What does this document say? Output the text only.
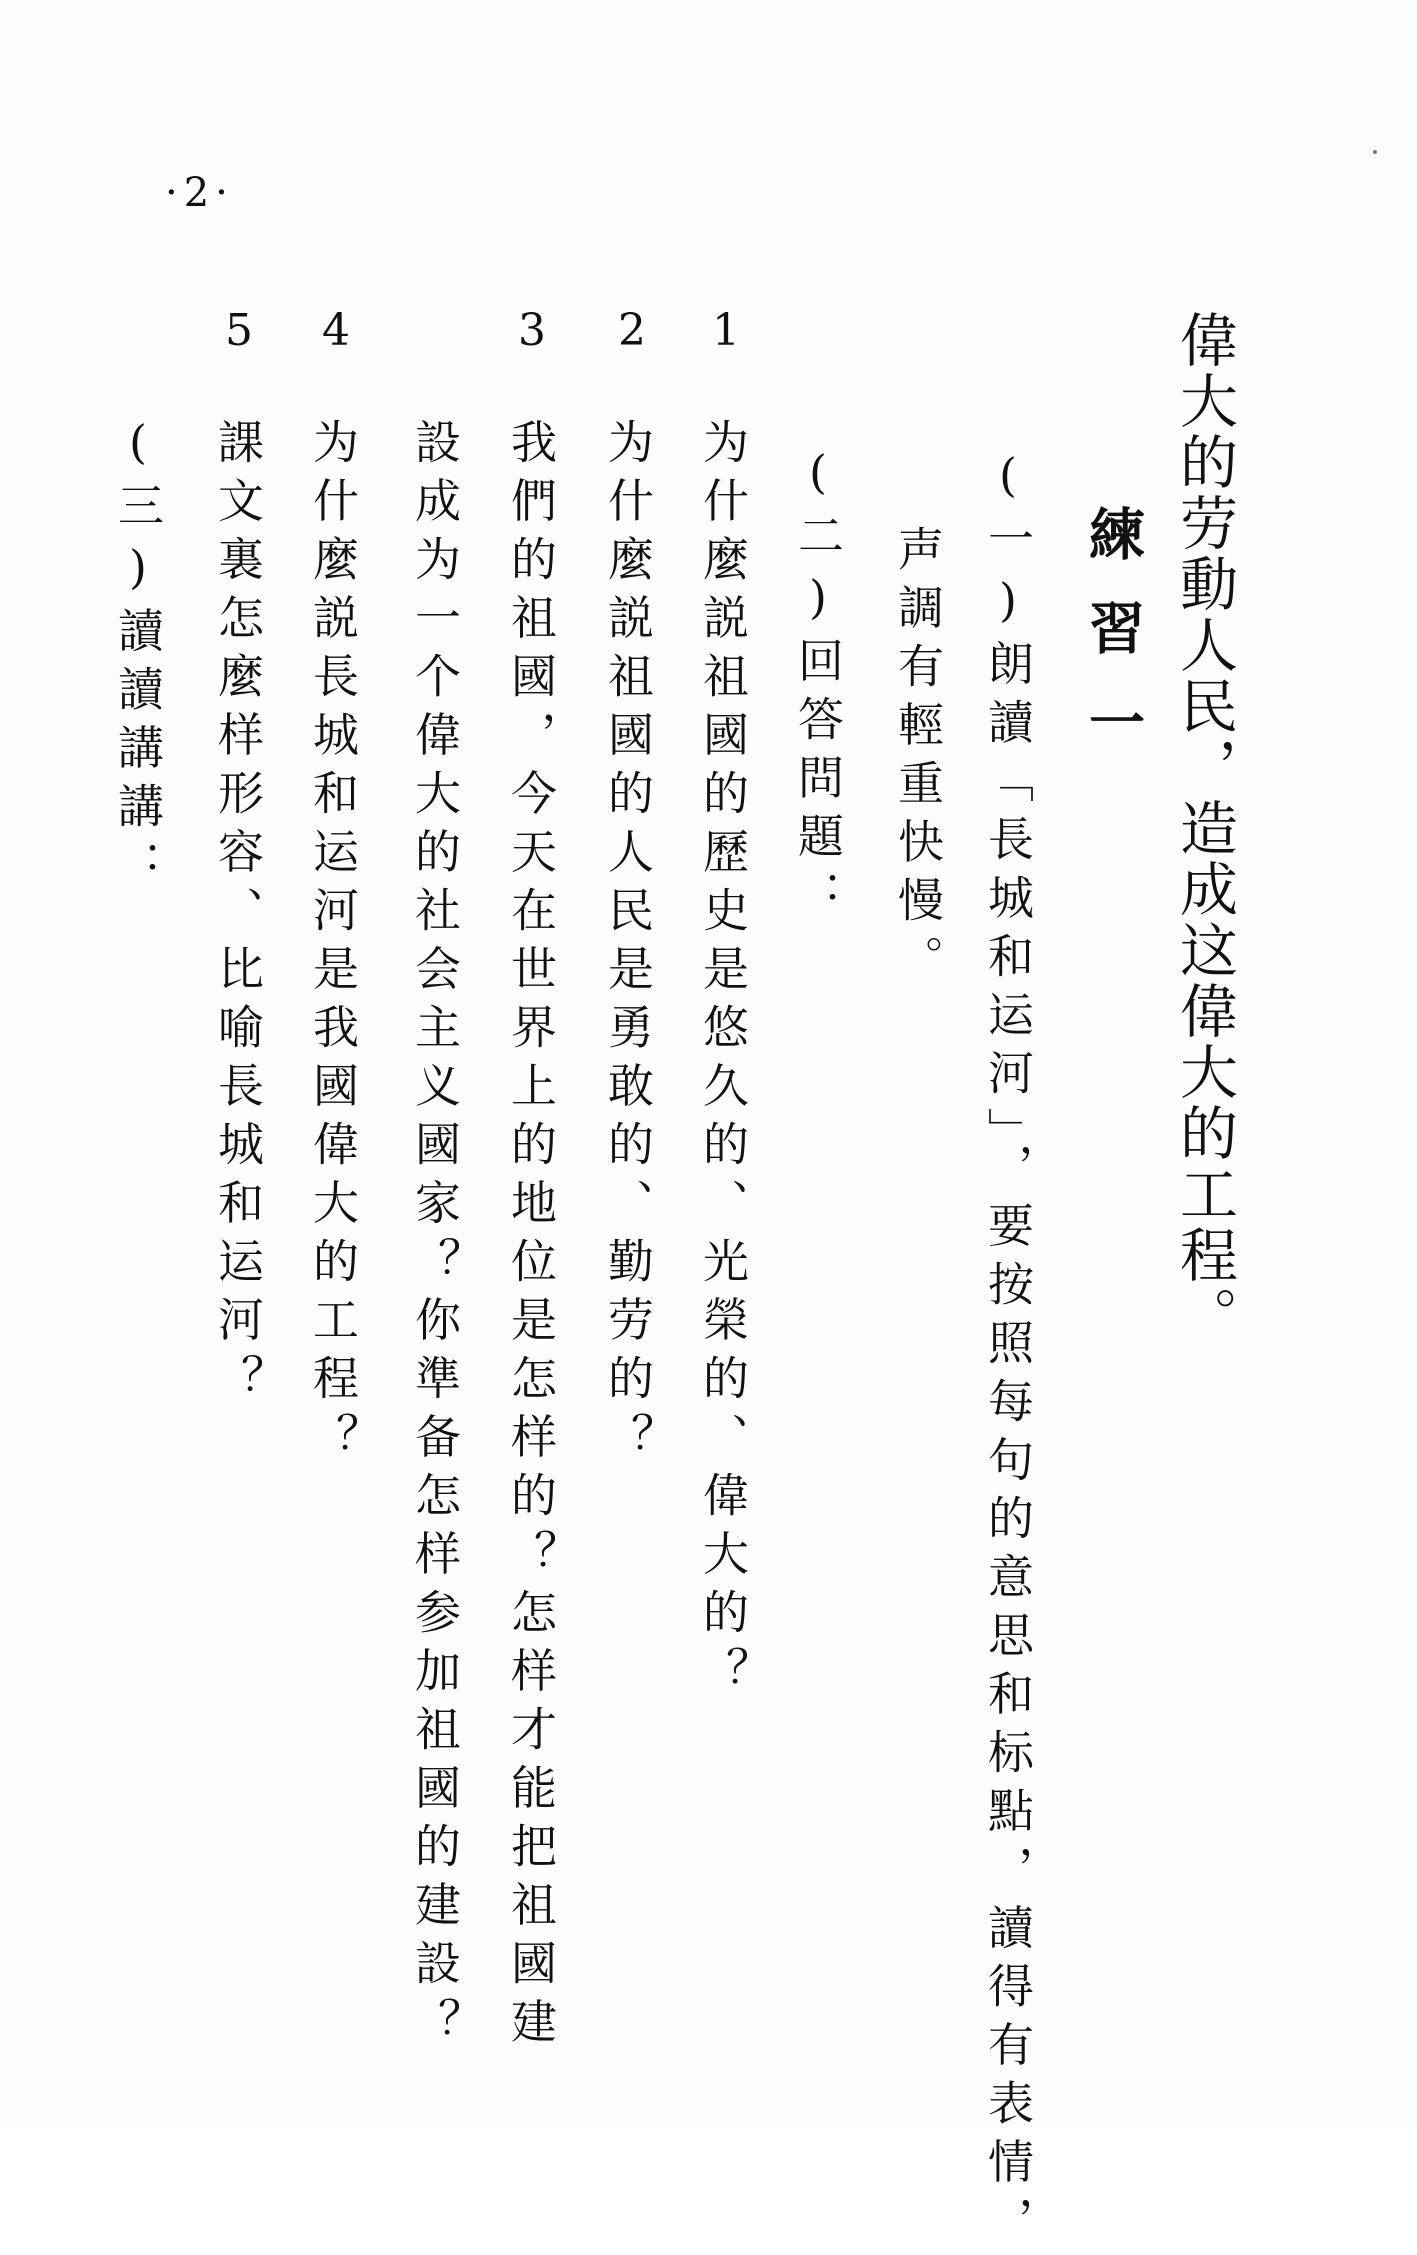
·2·
偉大的劳動人民，造成这偉大的工程。
練習一
(一)朗讀「長城和运河」，要按照每句的意思和标點，讀得有表情，
声調有輕重快慢。
(二)回答問題：
1
2
3
4
5
为什麼説祖國的歷史是悠久的、光榮的、偉大的？
为什麼説祖國的人民是勇敢的、勤劳的？
我們的祖國，今天在世界上的地位是怎样的？怎样才能把祖國建
設成为一个偉大的社会主义國家？你準备怎样参加祖國的建設？
为什麼説長城和运河是我國偉大的工程？
課文裏怎麼样形容、比喻長城和运河？
(三)讀讀講講：
